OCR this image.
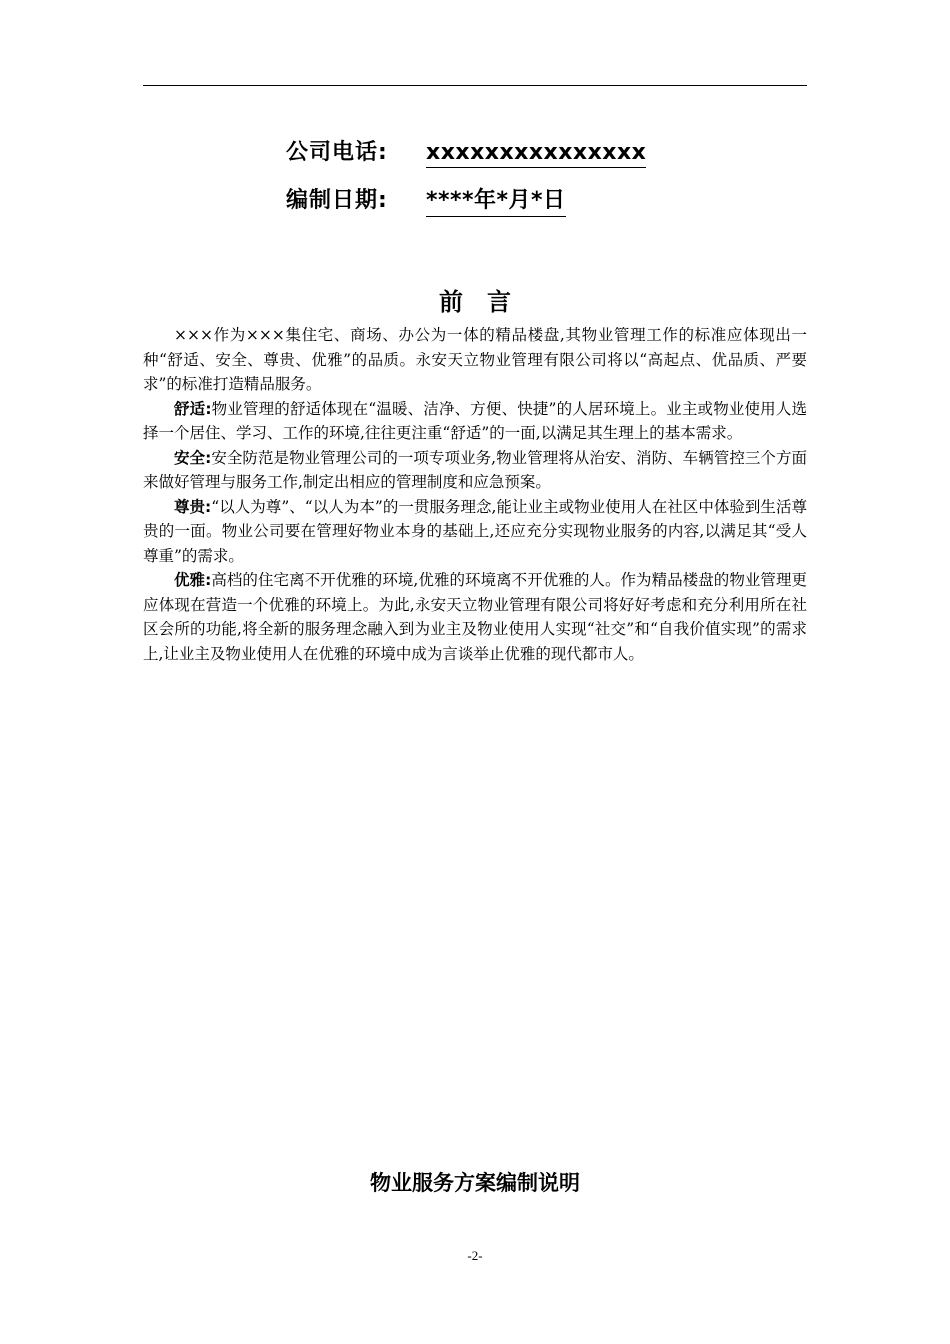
公司电话:	xxxxxxxxxxxxxxx
编制日期:	****年*月*日
前言

×××作为×××集住宅、商场、办公为一体的精品楼盘,其物业管理工作的标准应体现出一种“舒适、安全、尊贵、优雅”的品质。永安天立物业管理有限公司将以“高起点、优品质、严要求”的标准打造精品服务。

舒适:物业管理的舒适体现在“温暖、洁净、方便、快捷”的人居环境上。业主或物业使用人选择一个居住、学习、工作的环境,往往更注重“舒适”的一面,以满足其生理上的基本需求。

安全:安全防范是物业管理公司的一项专项业务,物业管理将从治安、消防、车辆管控三个方面来做好管理与服务工作,制定出相应的管理制度和应急预案。

尊贵:“以人为尊”、“以人为本”的一贯服务理念,能让业主或物业使用人在社区中体验到生活尊贵的一面。物业公司要在管理好物业本身的基础上,还应充分实现物业服务的内容,以满足其“受人尊重”的需求。

优雅:高档的住宅离不开优雅的环境,优雅的环境离不开优雅的人。作为精品楼盘的物业管理更应体现在营造一个优雅的环境上。为此,永安天立物业管理有限公司将好好考虑和充分利用所在社区会所的功能,将全新的服务理念融入到为业主及物业使用人实现“社交”和“自我价值实现”的需求上,让业主及物业使用人在优雅的环境中成为言谈举止优雅的现代都市人。

物业服务方案编制说明
-2-
